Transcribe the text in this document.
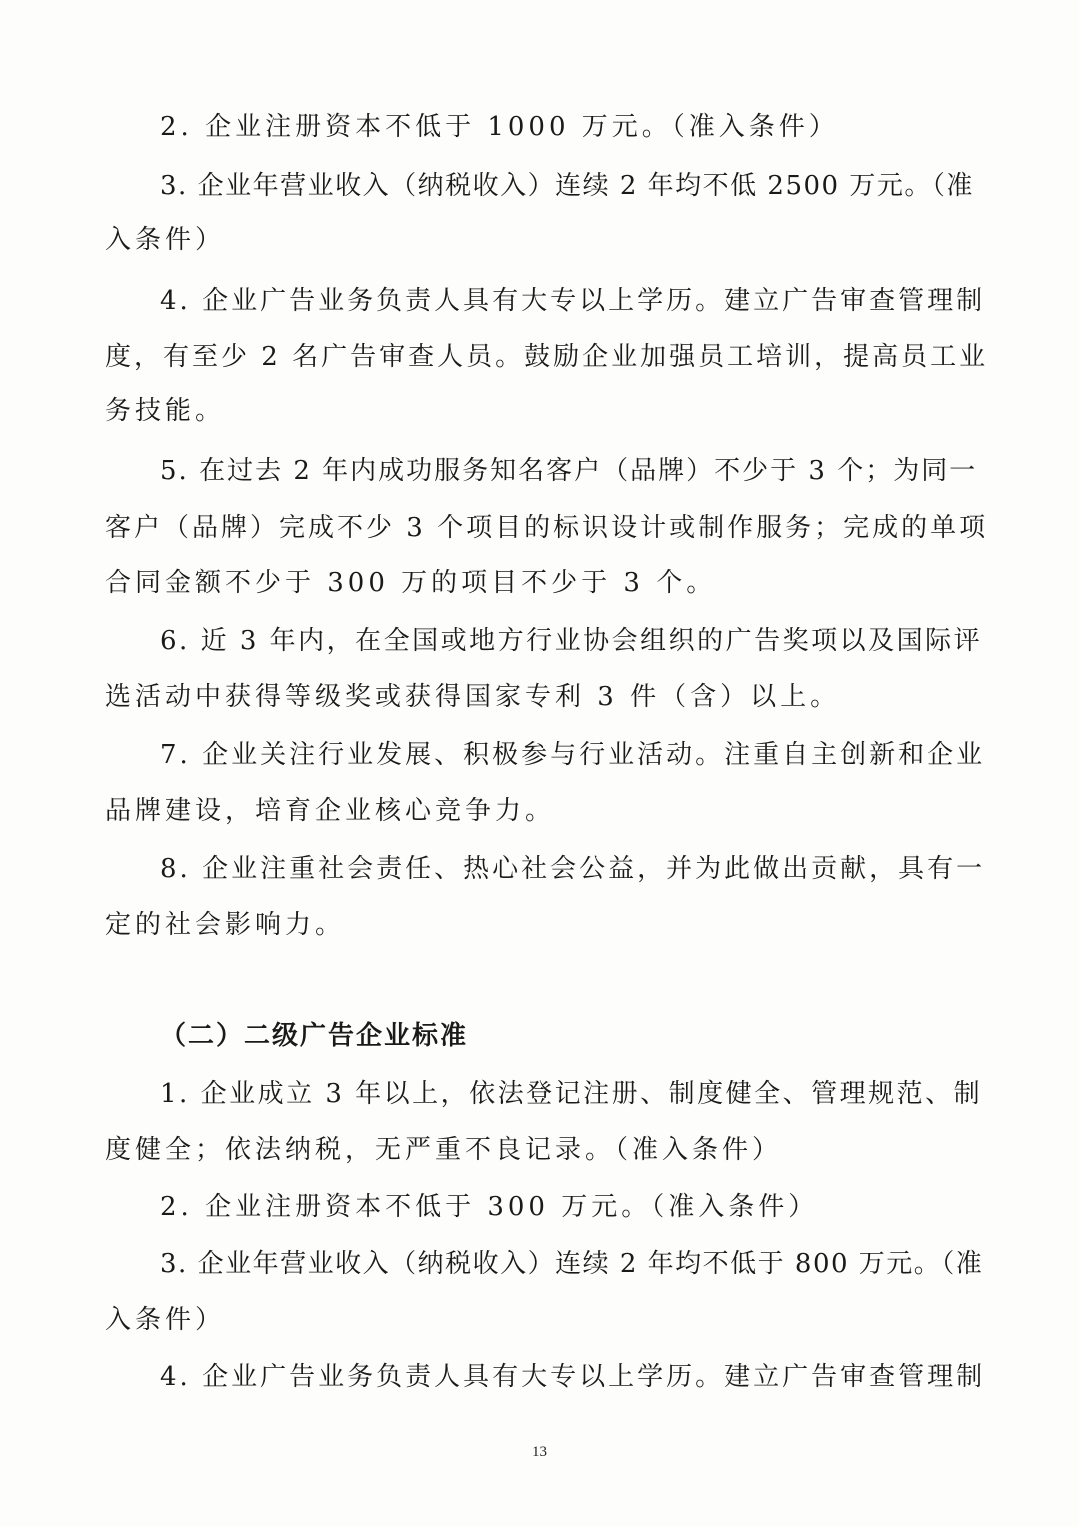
2. 企业注册资本不低于 1000 万元。（准入条件）
3. 企业年营业收入（纳税收入）连续 2 年均不低 2500 万元。（准
入条件）
4. 企业广告业务负责人具有大专以上学历。建立广告审查管理制
度，有至少 2 名广告审查人员。鼓励企业加强员工培训，提高员工业
务技能。
5. 在过去 2 年内成功服务知名客户（品牌）不少于 3 个；为同一
客户（品牌）完成不少 3 个项目的标识设计或制作服务；完成的单项
合同金额不少于 300 万的项目不少于 3 个。
6. 近 3 年内，在全国或地方行业协会组织的广告奖项以及国际评
选活动中获得等级奖或获得国家专利 3 件（含）以上。
7. 企业关注行业发展、积极参与行业活动。注重自主创新和企业
品牌建设，培育企业核心竞争力。
8. 企业注重社会责任、热心社会公益，并为此做出贡献，具有一
定的社会影响力。
（二）二级广告企业标准
1. 企业成立 3 年以上，依法登记注册、制度健全、管理规范、制
度健全；依法纳税，无严重不良记录。（准入条件）
2. 企业注册资本不低于 300 万元。（准入条件）
3. 企业年营业收入（纳税收入）连续 2 年均不低于 800 万元。（准
入条件）
4. 企业广告业务负责人具有大专以上学历。建立广告审查管理制
13
